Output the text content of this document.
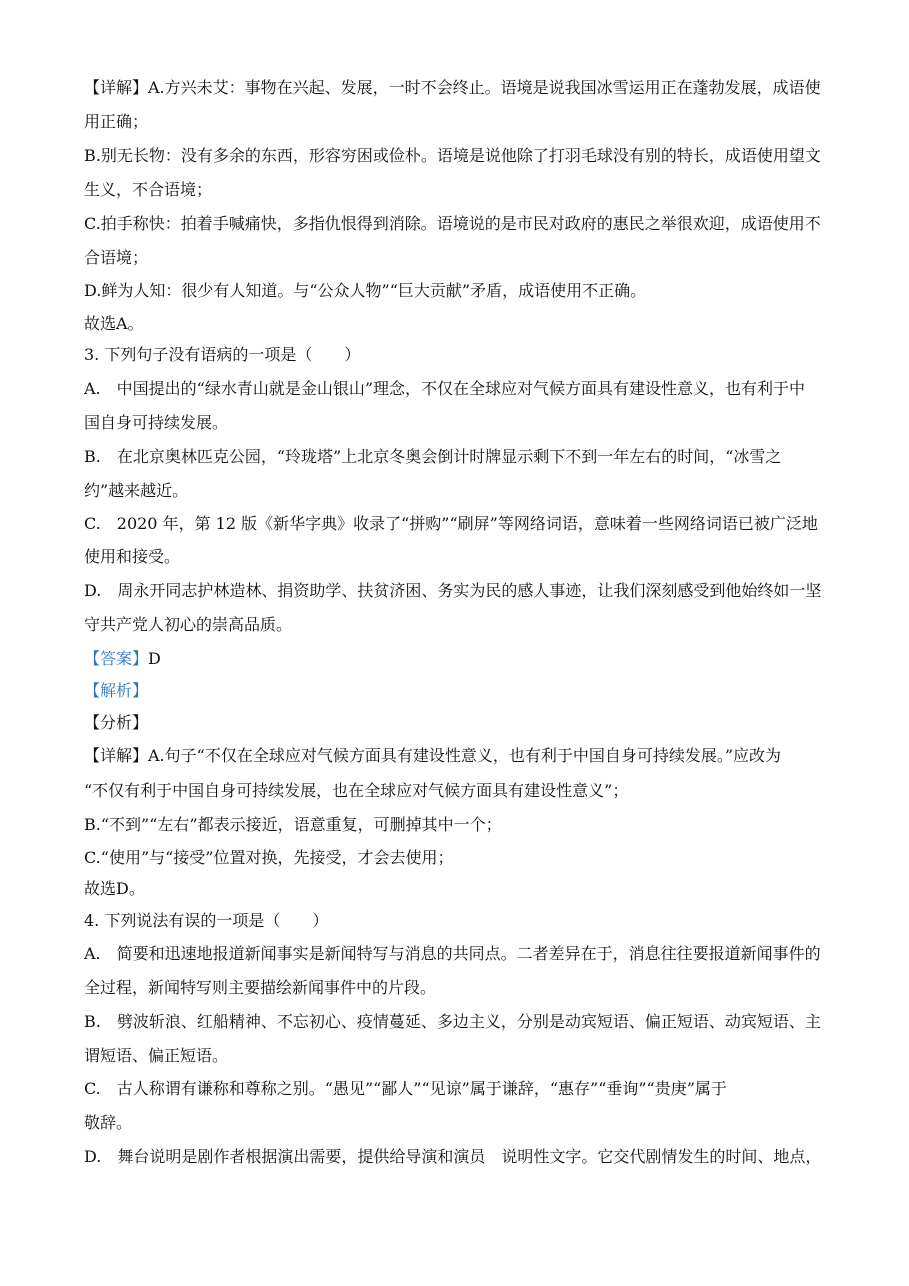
【详解】A.方兴未艾：事物在兴起、发展，一时不会终止。语境是说我国冰雪运用正在蓬勃发展，成语使
用正确；
B.别无长物：没有多余的东西，形容穷困或俭朴。语境是说他除了打羽毛球没有别的特长，成语使用望文
生义，不合语境；
C.拍手称快：拍着手喊痛快，多指仇恨得到消除。语境说的是市民对政府的惠民之举很欢迎，成语使用不
合语境；
D.鲜为人知：很少有人知道。与“公众人物”“巨大贡献”矛盾，成语使用不正确。
故选A。
3. 下列句子没有语病的一项是（　　）
A.　中国提出的“绿水青山就是金山银山”理念，不仅在全球应对气候方面具有建设性意义，也有利于中
国自身可持续发展。
B.　在北京奥林匹克公园，“玲珑塔”上北京冬奥会倒计时牌显示剩下不到一年左右的时间，“冰雪之
约”越来越近。
C.　2020 年，第 12 版《新华字典》收录了“拼购”“刷屏”等网络词语，意味着一些网络词语已被广泛地
使用和接受。
D.　周永开同志护林造林、捐资助学、扶贫济困、务实为民的感人事迹，让我们深刻感受到他始终如一坚
守共产党人初心的崇高品质。
【答案】D
【解析】
【分析】
【详解】A.句子“不仅在全球应对气候方面具有建设性意义，也有利于中国自身可持续发展。”应改为
“不仅有利于中国自身可持续发展，也在全球应对气候方面具有建设性意义”；
B.“不到”“左右”都表示接近，语意重复，可删掉其中一个；
C.“使用”与“接受”位置对换，先接受，才会去使用；
故选D。
4. 下列说法有误的一项是（　　）
A.　简要和迅速地报道新闻事实是新闻特写与消息的共同点。二者差异在于，消息往往要报道新闻事件的
全过程，新闻特写则主要描绘新闻事件中的片段。
B.　劈波斩浪、红船精神、不忘初心、疫情蔓延、多边主义，分别是动宾短语、偏正短语、动宾短语、主
谓短语、偏正短语。
C.　古人称谓有谦称和尊称之别。“愚见”“鄙人”“见谅”属于谦辞，“惠存”“垂询”“贵庚”属于
敬辞。
D.　舞台说明是剧作者根据演出需要，提供给导演和演员　说明性文字。它交代剧情发生的时间、地点，
